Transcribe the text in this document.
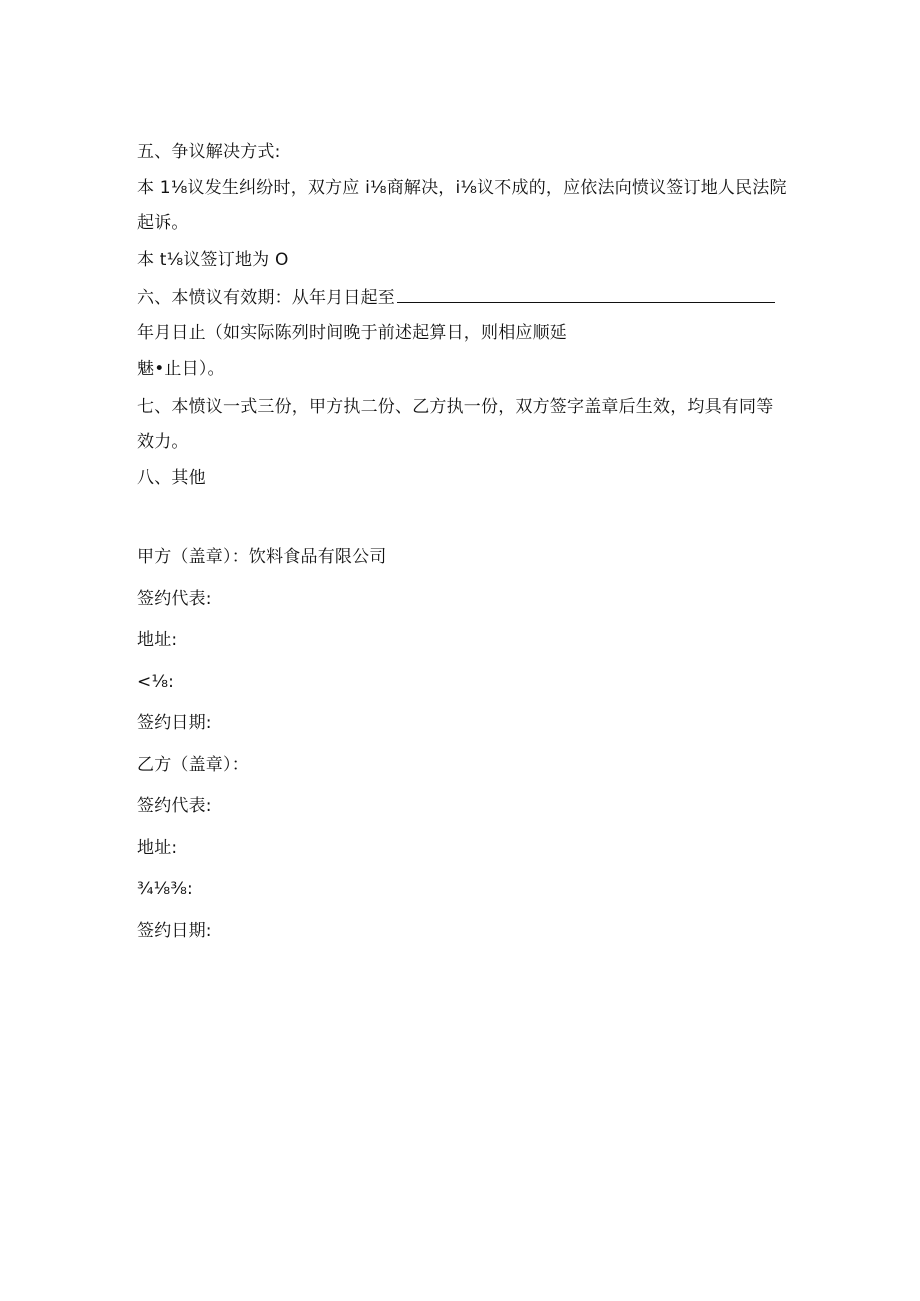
五、争议解决方式:
本 1⅛议发生纠纷时，双方应 i⅛商解决，i⅛议不成的，应依法向愤议签订地人民法院
起诉。
本 t⅛议签订地为 O
六、本愤议有效期：从年月日起至
年月日止（如实际陈列时间晚于前述起算日，则相应顺延
魅•止日）。
七、本愤议一式三份，甲方执二份、乙方执一份，双方签字盖章后生效，均具有同等
效力。
八、其他
甲方（盖章）：饮料食品有限公司
签约代表:
地址:
<⅛:
签约日期:
乙方（盖章）：
签约代表:
地址:
¾⅛⅜:
签约日期:
